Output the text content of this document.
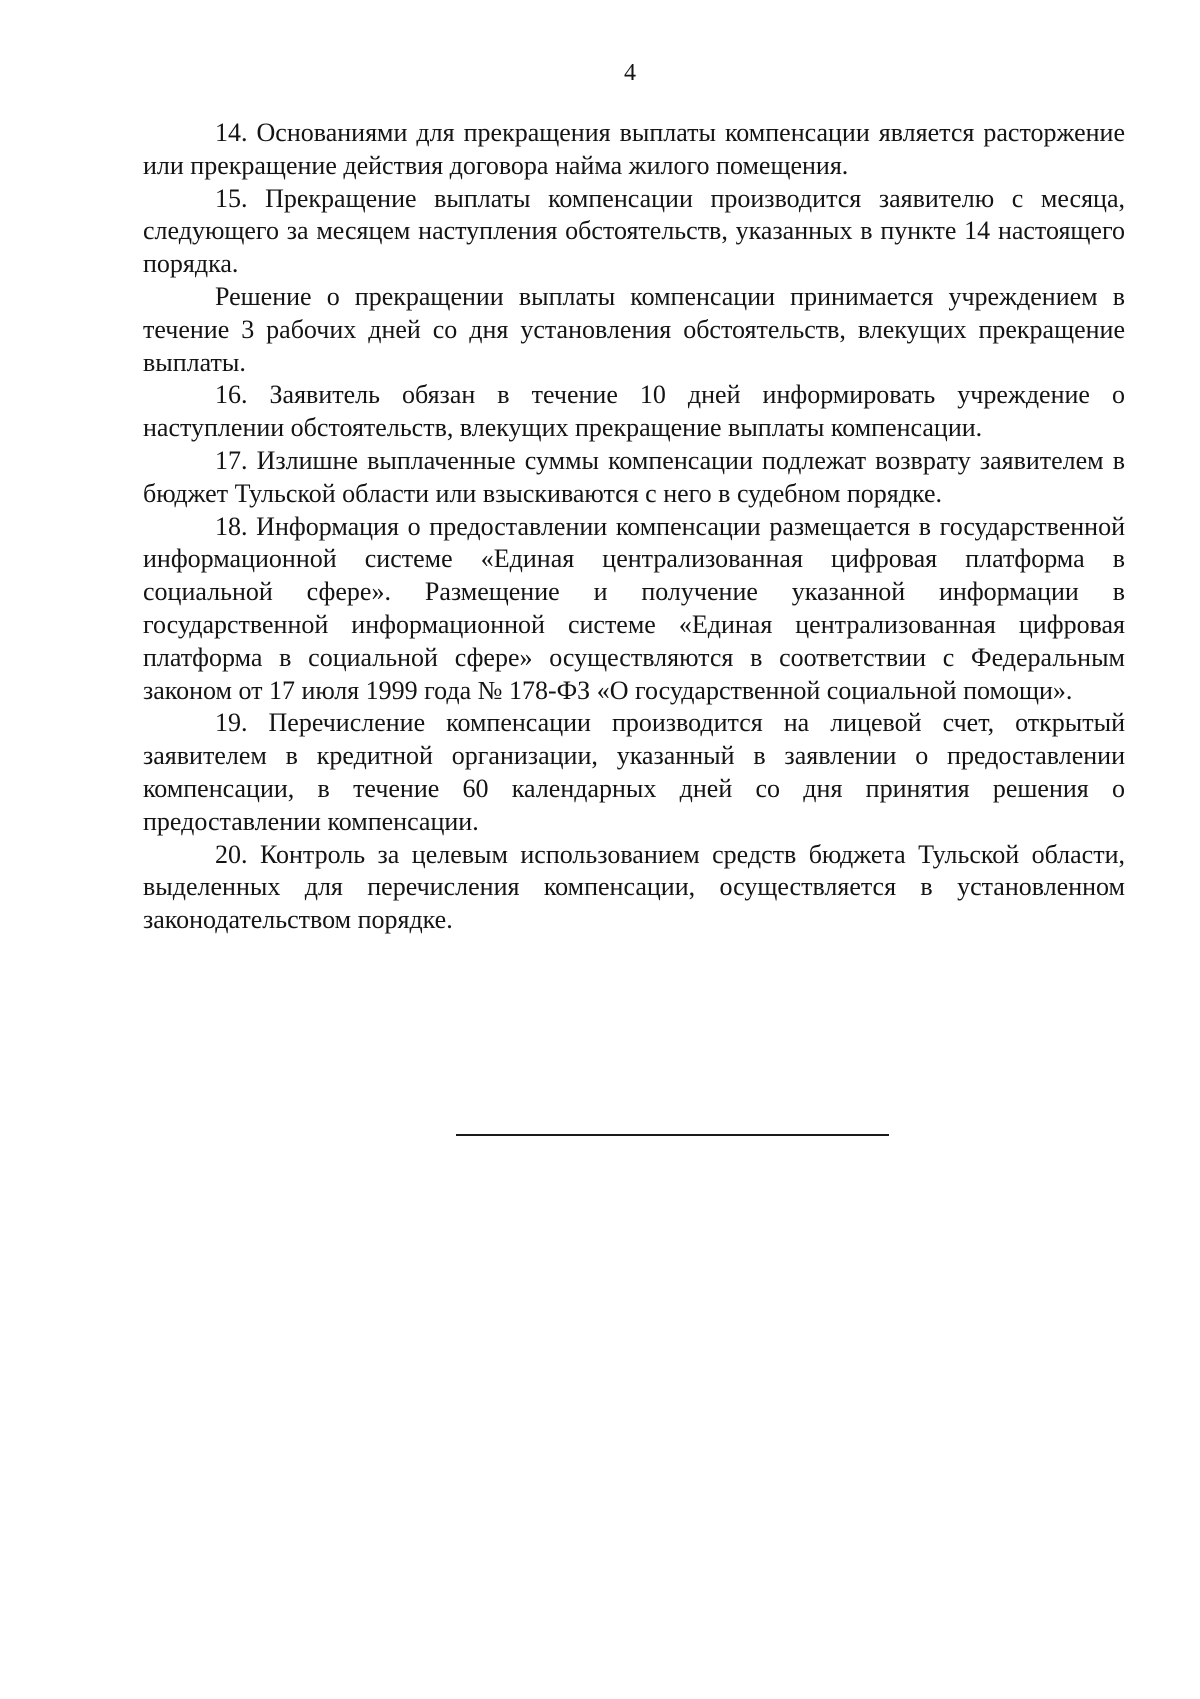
4

14. Основаниями для прекращения выплаты компенсации является расторжение или прекращение действия договора найма жилого помещения.

15. Прекращение выплаты компенсации производится заявителю с месяца, следующего за месяцем наступления обстоятельств, указанных в пункте 14 настоящего порядка.

Решение о прекращении выплаты компенсации принимается учреждением в течение 3 рабочих дней со дня установления обстоятельств, влекущих прекращение выплаты.

16. Заявитель обязан в течение 10 дней информировать учреждение о наступлении обстоятельств, влекущих прекращение выплаты компенсации.

17. Излишне выплаченные суммы компенсации подлежат возврату заявителем в бюджет Тульской области или взыскиваются с него в судебном порядке.

18. Информация о предоставлении компенсации размещается в государственной информационной системе «Единая централизованная цифровая платформа в социальной сфере». Размещение и получение указанной информации в государственной информационной системе «Единая централизованная цифровая платформа в социальной сфере» осуществляются в соответствии с Федеральным законом от 17 июля 1999 года № 178-ФЗ «О государственной социальной помощи».

19. Перечисление компенсации производится на лицевой счет, открытый заявителем в кредитной организации, указанный в заявлении о предоставлении компенсации, в течение 60 календарных дней со дня принятия решения о предоставлении компенсации.

20. Контроль за целевым использованием средств бюджета Тульской области, выделенных для перечисления компенсации, осуществляется в установленном законодательством порядке.
